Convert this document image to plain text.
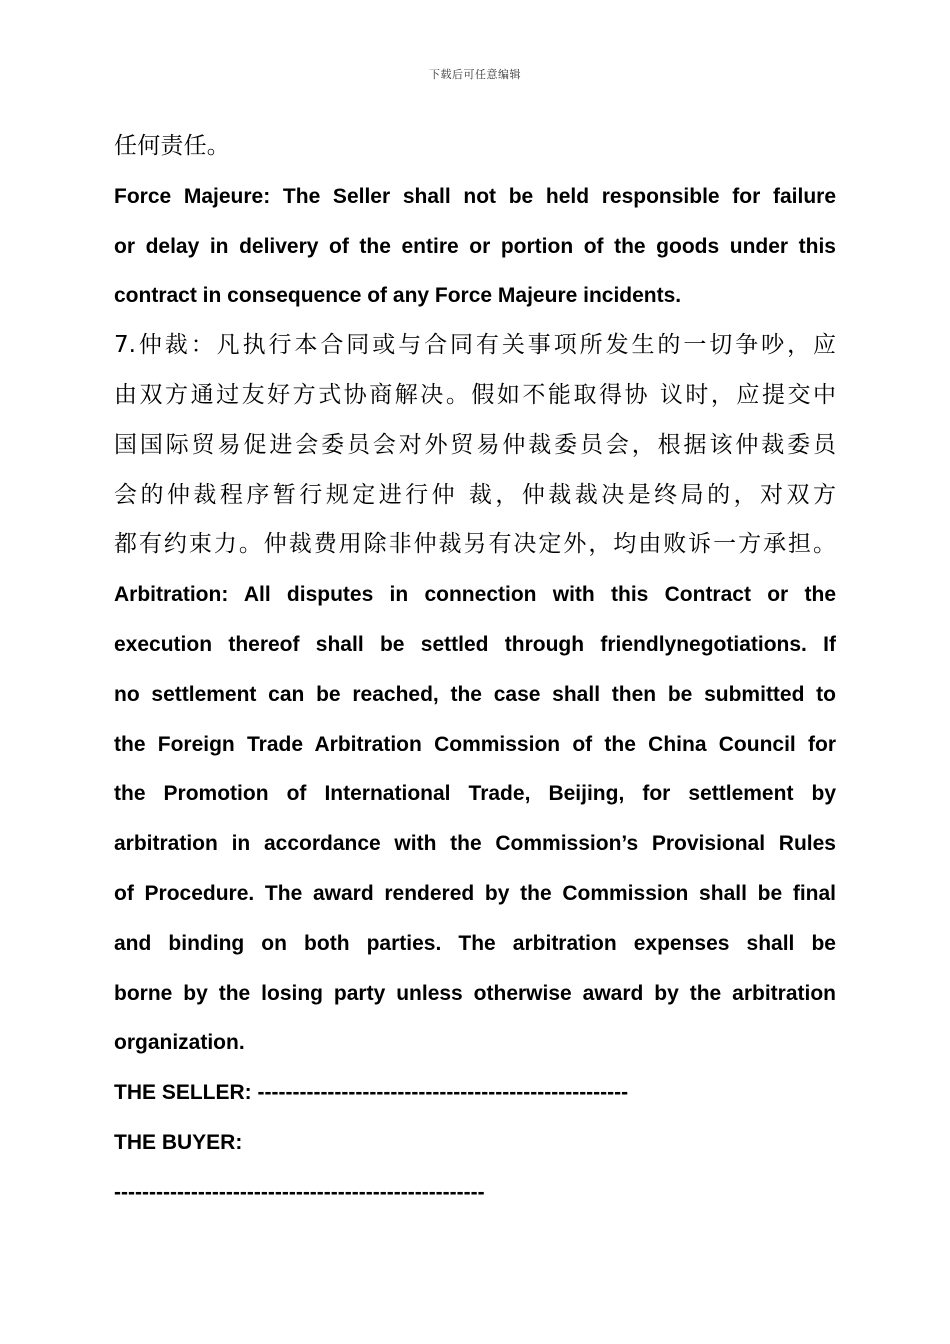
下载后可任意编辑
任何责任。
Force Majeure: The Seller shall not be held responsible for failure
or delay in delivery of the entire or portion of the goods under this
contract in consequence of any Force Majeure incidents.
7.仲裁：凡执行本合同或与合同有关事项所发生的一切争吵，应
由双方通过友好方式协商解决。假如不能取得协 议时，应提交中
国国际贸易促进会委员会对外贸易仲裁委员会，根据该仲裁委员
会的仲裁程序暂行规定进行仲 裁，仲裁裁决是终局的，对双方
都有约束力。仲裁费用除非仲裁另有决定外，均由败诉一方承担。
Arbitration: All disputes in connection with this Contract or the
execution thereof shall be settled through friendlynegotiations. If
no settlement can be reached, the case shall then be submitted to
the Foreign Trade Arbitration Commission of the China Council for
the Promotion of International Trade, Beijing, for settlement by
arbitration in accordance with the Commission’s Provisional Rules
of Procedure. The award rendered by the Commission shall be final
and binding on both parties. The arbitration expenses shall be
borne by the losing party unless otherwise award by the arbitration
organization.
THE SELLER: -----------------------------------------------------
THE BUYER:
-----------------------------------------------------
